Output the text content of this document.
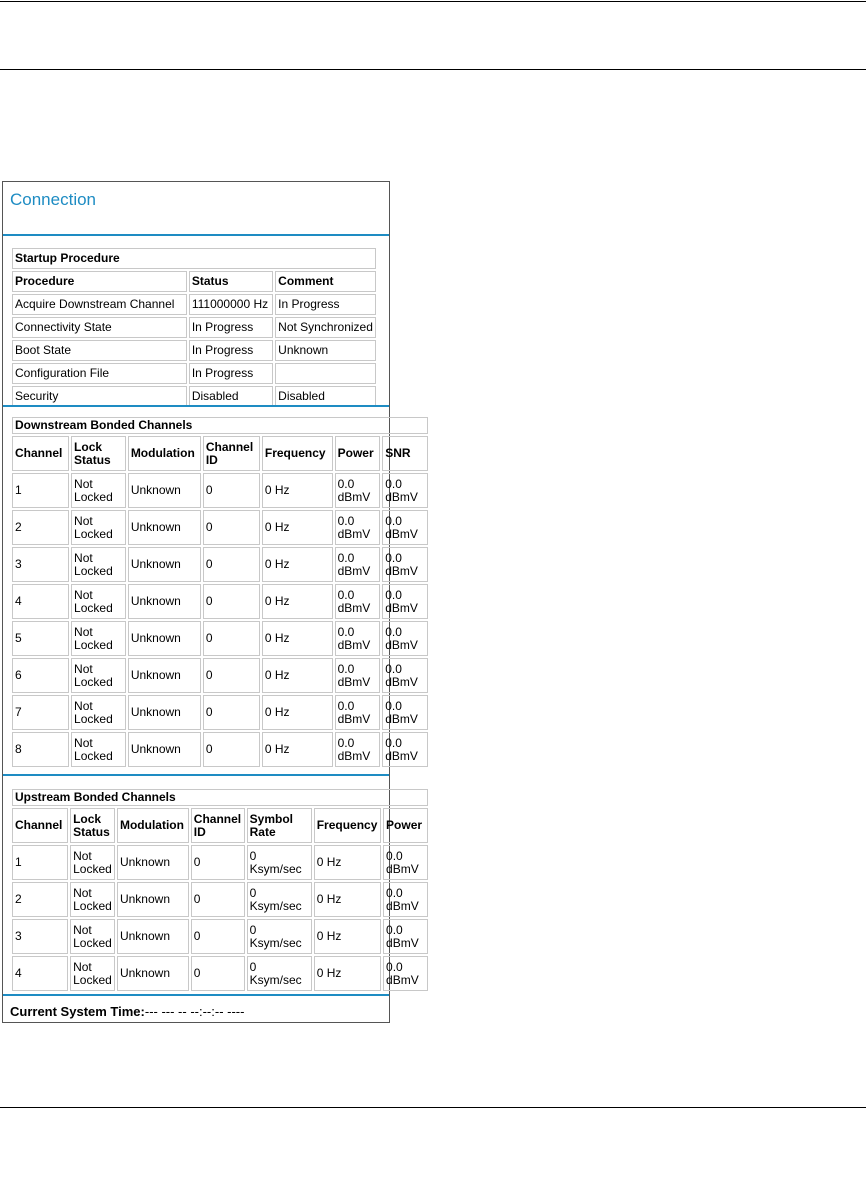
Connection
Startup Procedure		
Procedure	Status	Comment
Acquire Downstream Channel	111000000 Hz	In Progress
Connectivity State	In Progress	Not Synchronized
Boot State	In Progress	Unknown
Configuration File	In Progress	
Security	Disabled	Disabled
Downstream Bonded Channels						
Channel	Lock Status	Modulation	Channel ID	Frequency	Power	SNR
1	Not Locked	Unknown	0	0 Hz	0.0 dBmV	0.0 dBmV
2	Not Locked	Unknown	0	0 Hz	0.0 dBmV	0.0 dBmV
3	Not Locked	Unknown	0	0 Hz	0.0 dBmV	0.0 dBmV
4	Not Locked	Unknown	0	0 Hz	0.0 dBmV	0.0 dBmV
5	Not Locked	Unknown	0	0 Hz	0.0 dBmV	0.0 dBmV
6	Not Locked	Unknown	0	0 Hz	0.0 dBmV	0.0 dBmV
7	Not Locked	Unknown	0	0 Hz	0.0 dBmV	0.0 dBmV
8	Not Locked	Unknown	0	0 Hz	0.0 dBmV	0.0 dBmV
Upstream Bonded Channels						
Channel	Lock Status	Modulation	Channel ID	Symbol Rate	Frequency	Power
1	Not Locked	Unknown	0	0 Ksym/sec	0 Hz	0.0 dBmV
2	Not Locked	Unknown	0	0 Ksym/sec	0 Hz	0.0 dBmV
3	Not Locked	Unknown	0	0 Ksym/sec	0 Hz	0.0 dBmV
4	Not Locked	Unknown	0	0 Ksym/sec	0 Hz	0.0 dBmV
Current System Time:--- --- -- --:--:-- ----
